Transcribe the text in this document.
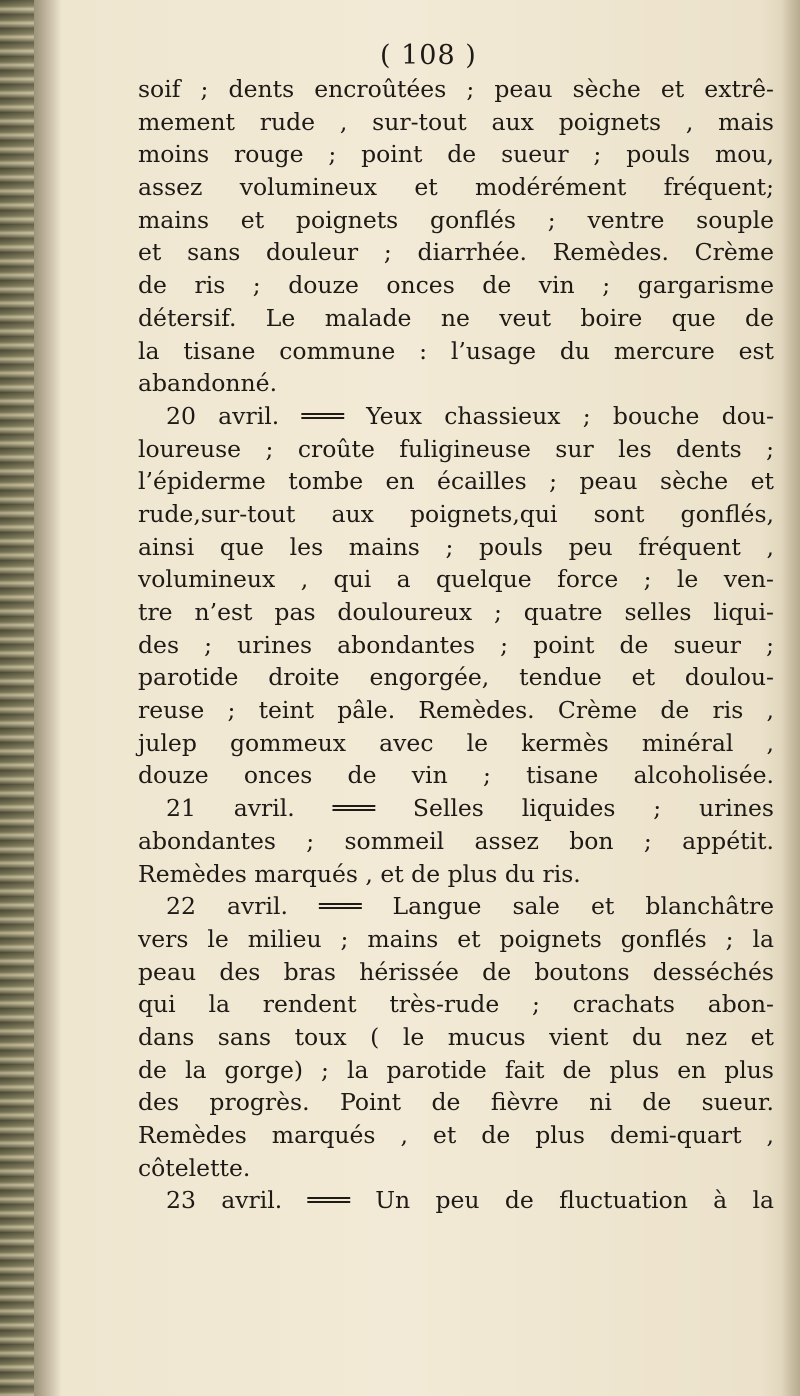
( 108 )
soif ; dents encroûtées ; peau sèche et extrê-
mement rude , sur-tout aux poignets , mais
moins rouge ; point de sueur ; pouls mou,
assez volumineux et modérément fréquent;
mains et poignets gonflés ; ventre souple
et sans douleur ; diarrhée. Remèdes. Crème
de ris ; douze onces de vin ; gargarisme
détersif. Le malade ne veut boire que de
la tisane commune : l’usage du mercure est
abandonné.
20 avril. ═══ Yeux chassieux ; bouche dou-
loureuse ; croûte fuligineuse sur les dents ;
l’épiderme tombe en écailles ; peau sèche et
rude,sur-tout aux poignets,qui sont gonflés,
ainsi que les mains ; pouls peu fréquent ,
volumineux , qui a quelque force ; le ven-
tre n’est pas douloureux ; quatre selles liqui-
des ; urines abondantes ; point de sueur ;
parotide droite engorgée, tendue et doulou-
reuse ; teint pâle. Remèdes. Crème de ris ,
julep gommeux avec le kermès minéral ,
douze onces de vin ; tisane alcoholisée.
21 avril. ═══ Selles liquides ; urines
abondantes ; sommeil assez bon ; appétit.
Remèdes marqués , et de plus du ris.
22 avril. ═══ Langue sale et blanchâtre
vers le milieu ; mains et poignets gonflés ; la
peau des bras hérissée de boutons desséchés
qui la rendent très-rude ; crachats abon-
dans sans toux ( le mucus vient du nez et
de la gorge) ; la parotide fait de plus en plus
des progrès. Point de fièvre ni de sueur.
Remèdes marqués , et de plus demi-quart ,
côtelette.
23 avril. ═══ Un peu de fluctuation à la
